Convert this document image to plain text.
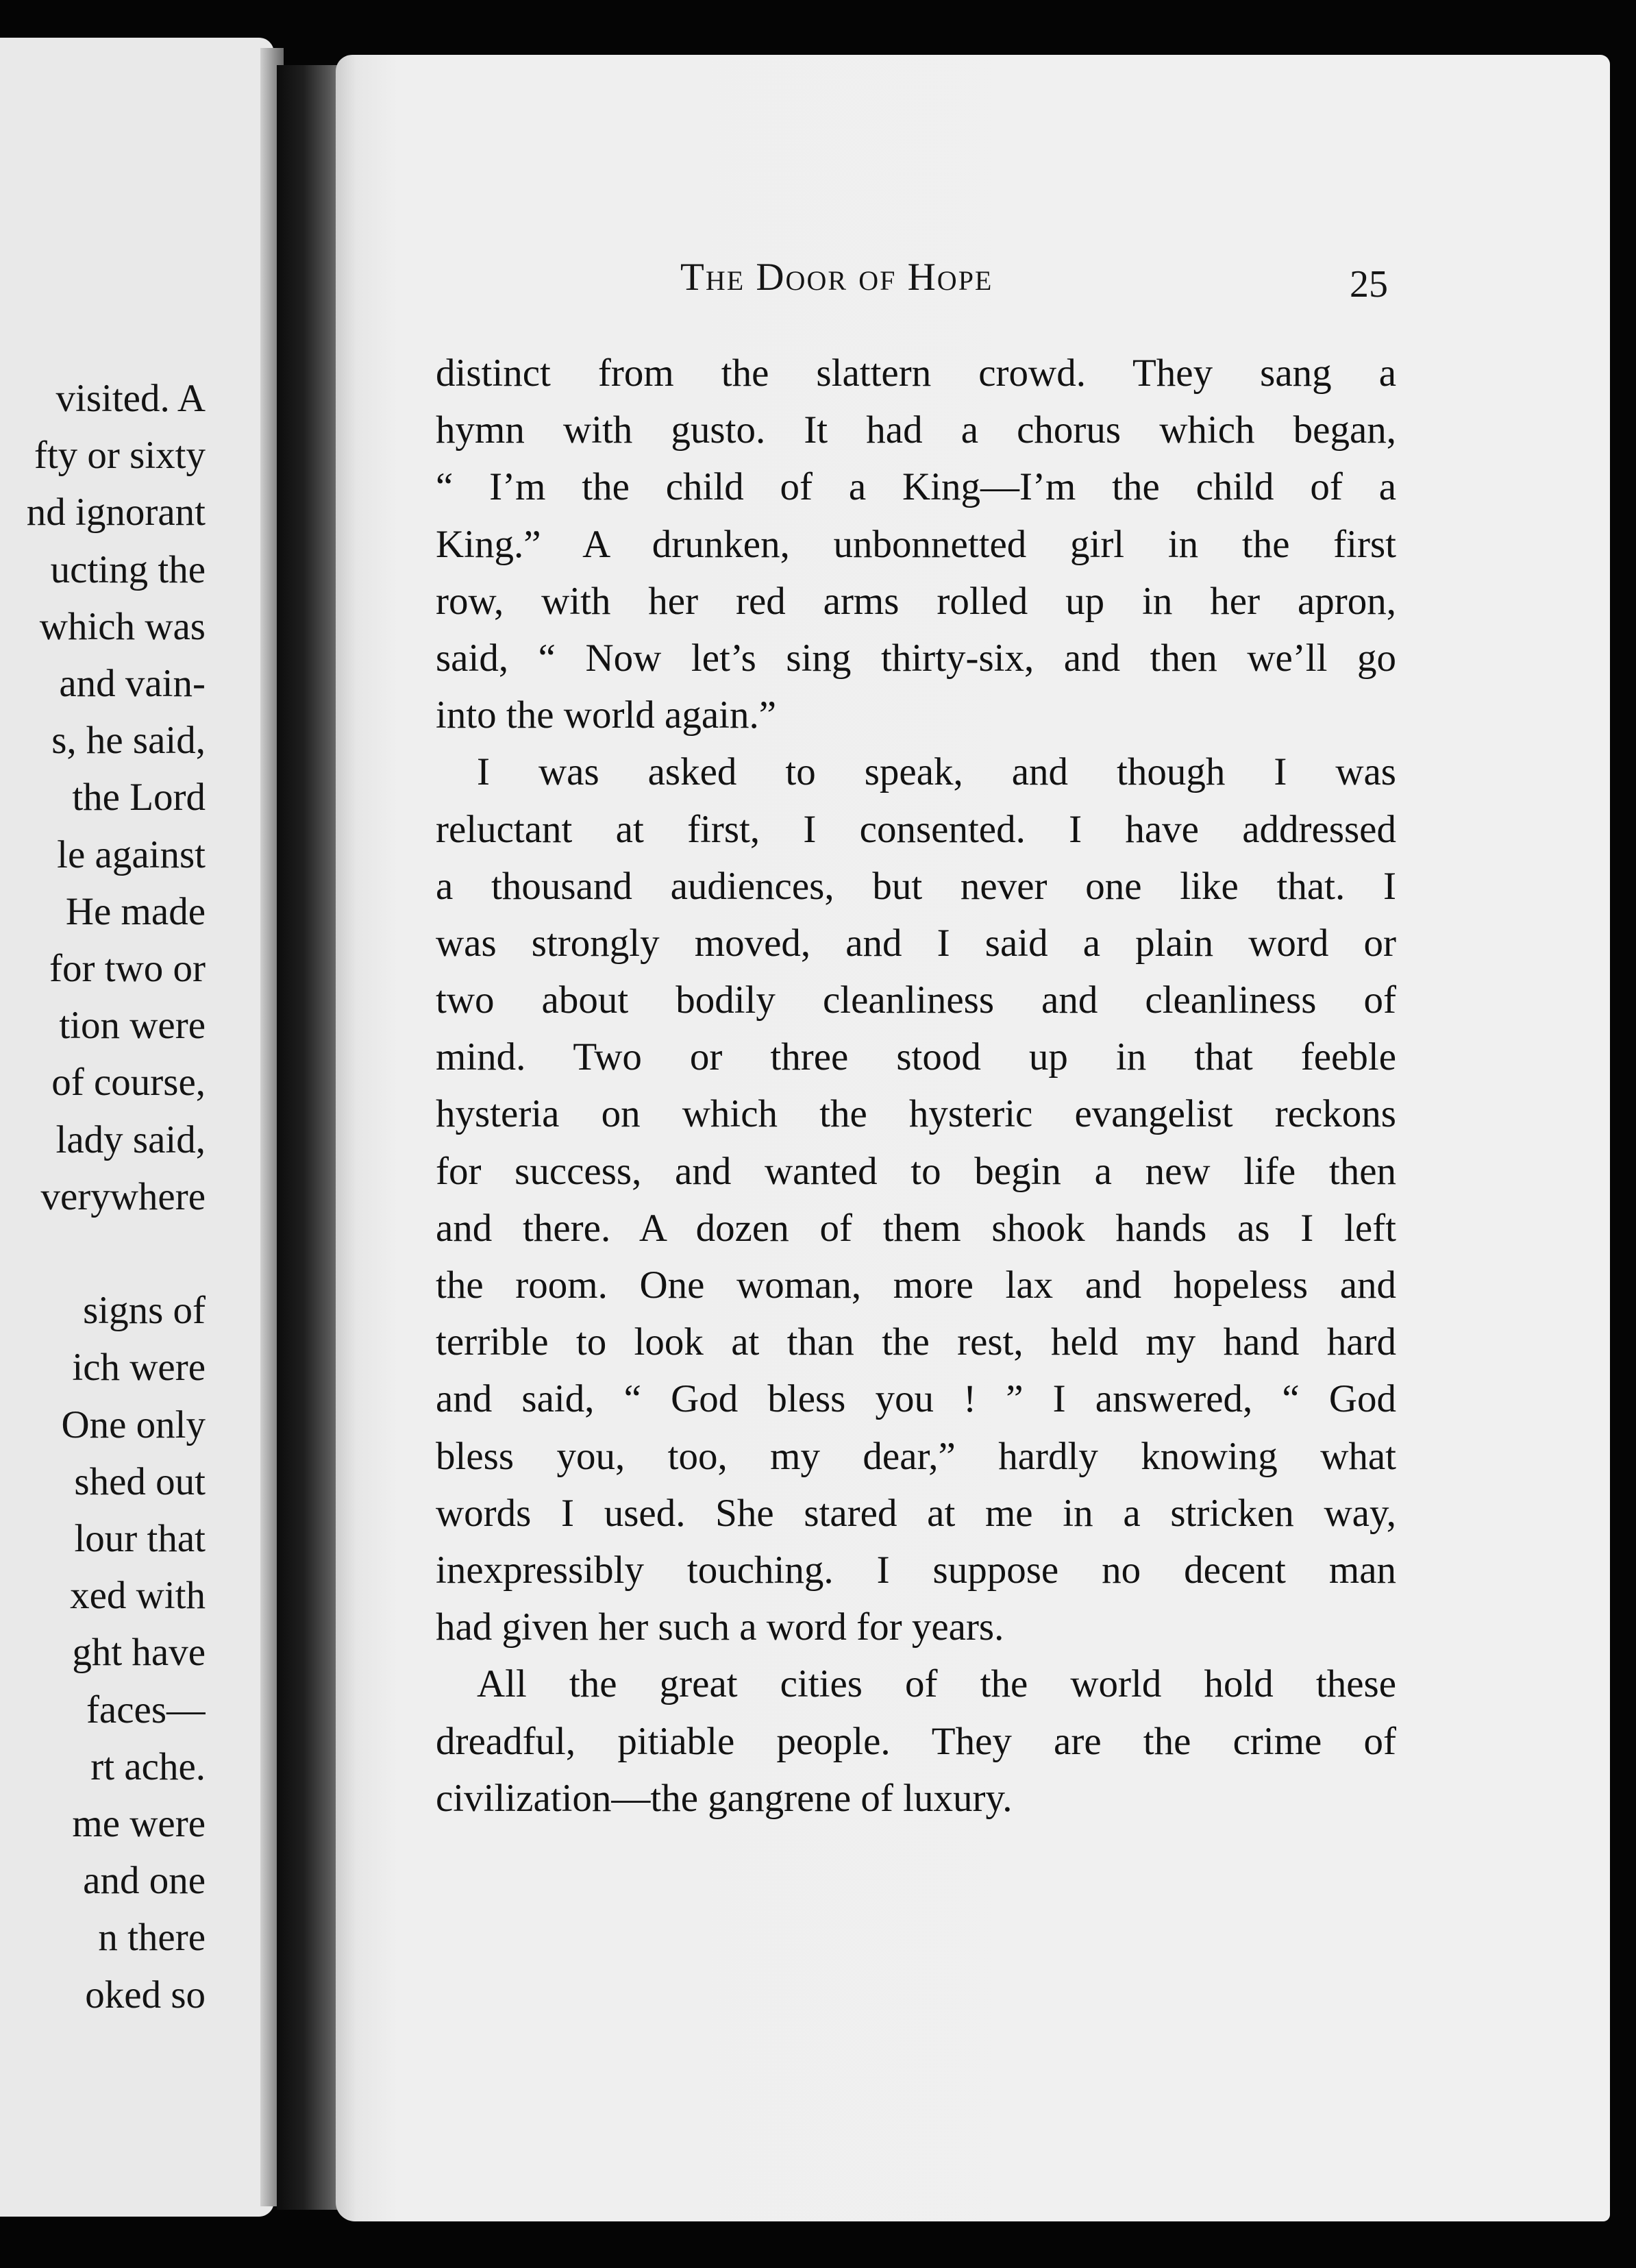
visited. A
fty or sixty
nd ignorant
ucting the
which was
and vain-
s, he said,
the Lord
le against
He made
for two or
tion were
of course,
lady said,
verywhere

signs of
ich were
One only
shed out
lour that
xed with
ght have
faces—
rt ache.
me were
and one
n there
oked so
The Door of Hope	25
distinct from the slattern crowd. They sang a
hymn with gusto. It had a chorus which began,
“ I’m the child of a King—I’m the child of a
King.” A drunken, unbonnetted girl in the first
row, with her red arms rolled up in her apron,
said, “ Now let’s sing thirty-six, and then we’ll go
into the world again.”
I was asked to speak, and though I was
reluctant at first, I consented. I have addressed
a thousand audiences, but never one like that. I
was strongly moved, and I said a plain word or
two about bodily cleanliness and cleanliness of
mind. Two or three stood up in that feeble
hysteria on which the hysteric evangelist reckons
for success, and wanted to begin a new life then
and there. A dozen of them shook hands as I left
the room. One woman, more lax and hopeless and
terrible to look at than the rest, held my hand hard
and said, “ God bless you ! ” I answered, “ God
bless you, too, my dear,” hardly knowing what
words I used. She stared at me in a stricken way,
inexpressibly touching. I suppose no decent man
had given her such a word for years.
All the great cities of the world hold these
dreadful, pitiable people. They are the crime of
civilization—the gangrene of luxury.
